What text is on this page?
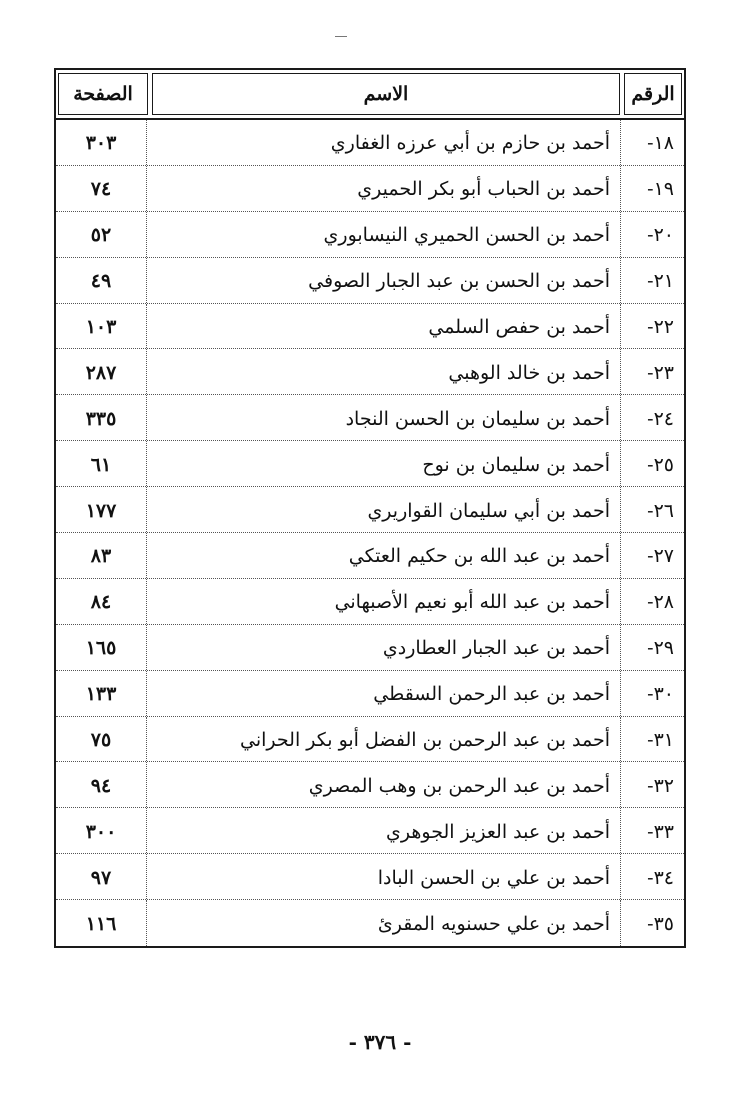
الرقم
الاسم
الصفحة
١٨-
أحمد بن حازم بن أبي عرزه الغفاري
٣٠٣
١٩-
أحمد بن الحباب أبو بكر الحميري
٧٤
٢٠-
أحمد بن الحسن الحميري النيسابوري
٥٢
٢١-
أحمد بن الحسن بن عبد الجبار الصوفي
٤٩
٢٢-
أحمد بن حفص السلمي
١٠٣
٢٣-
أحمد بن خالد الوهبي
٢٨٧
٢٤-
أحمد بن سليمان بن الحسن النجاد
٣٣٥
٢٥-
أحمد بن سليمان بن نوح
٦١
٢٦-
أحمد بن أبي سليمان القواريري
١٧٧
٢٧-
أحمد بن عبد الله بن حكيم العتكي
٨٣
٢٨-
أحمد بن عبد الله أبو نعيم الأصبهاني
٨٤
٢٩-
أحمد بن عبد الجبار العطاردي
١٦٥
٣٠-
أحمد بن عبد الرحمن السقطي
١٣٣
٣١-
أحمد بن عبد الرحمن بن الفضل أبو بكر الحراني
٧٥
٣٢-
أحمد بن عبد الرحمن بن وهب المصري
٩٤
٣٣-
أحمد بن عبد العزيز الجوهري
٣٠٠
٣٤-
أحمد بن علي بن الحسن البادا
٩٧
٣٥-
أحمد بن علي حسنويه المقرئ
١١٦
- ٣٧٦ -
